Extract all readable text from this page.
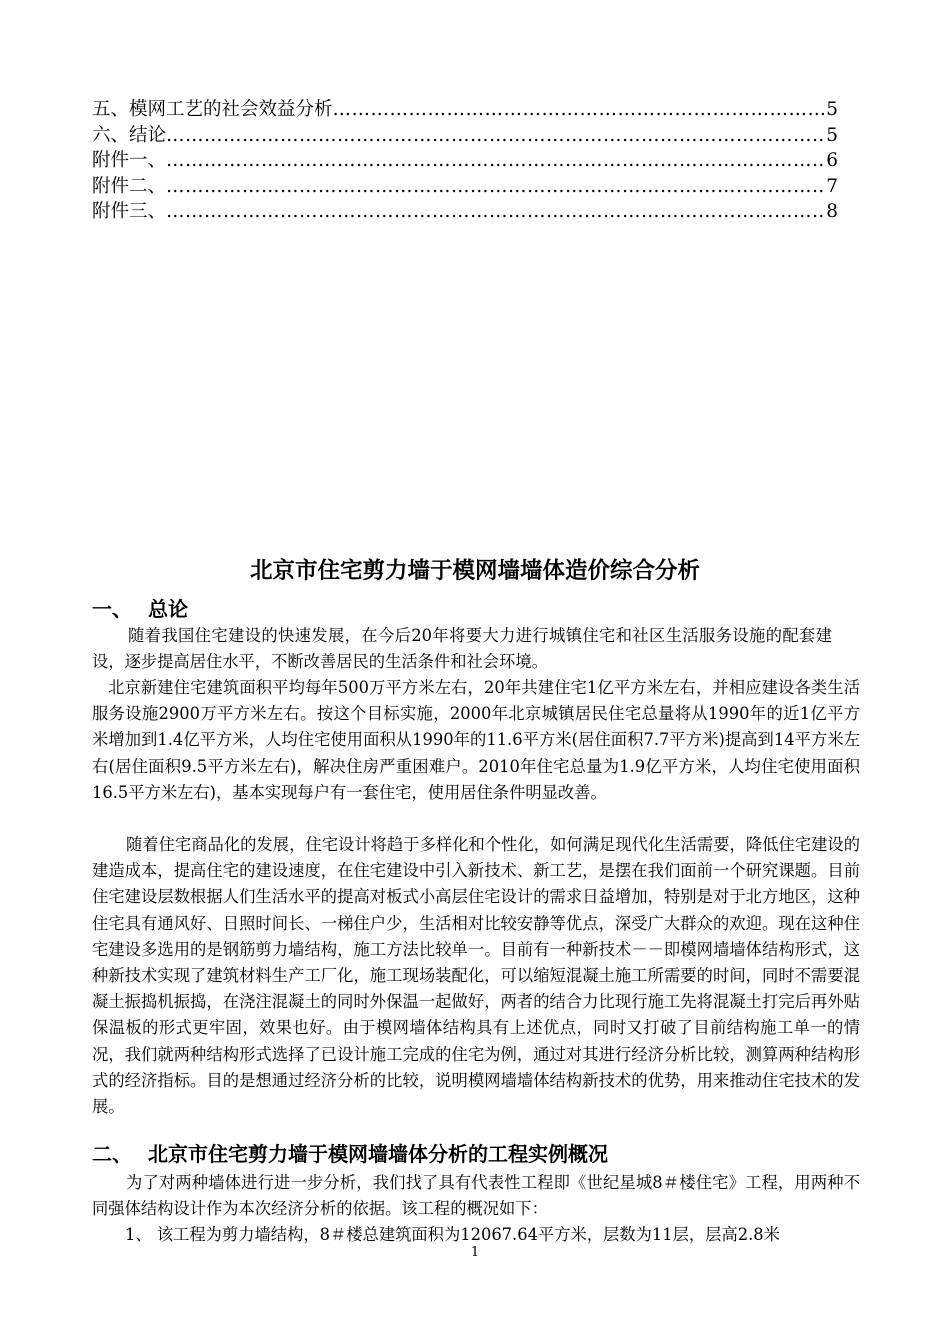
五、模网工艺的社会效益分析 ……………………………………………………………………………………………………………………………………………………………………………………………………………………	5
六、结论 ……………………………………………………………………………………………………………………………………………………………………………………………………………………	5
附件一、 ……………………………………………………………………………………………………………………………………………………………………………………………………………………	6
附件二、 ……………………………………………………………………………………………………………………………………………………………………………………………………………………	7
附件三、 ……………………………………………………………………………………………………………………………………………………………………………………………………………………	8
北京市住宅剪力墙于模网墙墙体造价综合分析
一、 总论

随着我国住宅建设的快速发展，在今后20年将要大力进行城镇住宅和社区生活服务设施的配套建设，逐步提高居住水平，不断改善居民的生活条件和社会环境。

北京新建住宅建筑面积平均每年500万平方米左右，20年共建住宅1亿平方米左右，并相应建设各类生活服务设施2900万平方米左右。按这个目标实施，2000年北京城镇居民住宅总量将从1990年的近1亿平方米增加到1.4亿平方米，人均住宅使用面积从1990年的11.6平方米(居住面积7.7平方米)提高到14平方米左右(居住面积9.5平方米左右)，解决住房严重困难户。2010年住宅总量为1.9亿平方米，人均住宅使用面积16.5平方米左右)，基本实现每户有一套住宅，使用居住条件明显改善。

随着住宅商品化的发展，住宅设计将趋于多样化和个性化，如何满足现代化生活需要，降低住宅建设的建造成本，提高住宅的建设速度，在住宅建设中引入新技术、新工艺，是摆在我们面前一个研究课题。目前住宅建设层数根据人们生活水平的提高对板式小高层住宅设计的需求日益增加，特别是对于北方地区，这种住宅具有通风好、日照时间长、一梯住户少，生活相对比较安静等优点，深受广大群众的欢迎。现在这种住宅建设多选用的是钢筋剪力墙结构，施工方法比较单一。目前有一种新技术－－即模网墙墙体结构形式，这种新技术实现了建筑材料生产工厂化，施工现场装配化，可以缩短混凝土施工所需要的时间，同时不需要混凝土振捣机振捣，在浇注混凝土的同时外保温一起做好，两者的结合力比现行施工先将混凝土打完后再外贴保温板的形式更牢固，效果也好。由于模网墙体结构具有上述优点，同时又打破了目前结构施工单一的情况，我们就两种结构形式选择了已设计施工完成的住宅为例，通过对其进行经济分析比较，测算两种结构形式的经济指标。目的是想通过经济分析的比较，说明模网墙墙体结构新技术的优势，用来推动住宅技术的发展。

二、 北京市住宅剪力墙于模网墙墙体分析的工程实例概况

为了对两种墙体进行进一步分析，我们找了具有代表性工程即《世纪星城8＃楼住宅》工程，用两种不同强体结构设计作为本次经济分析的依据。该工程的概况如下：

1、 该工程为剪力墙结构，8＃楼总建筑面积为12067.64平方米，层数为11层，层高2.8米

1
